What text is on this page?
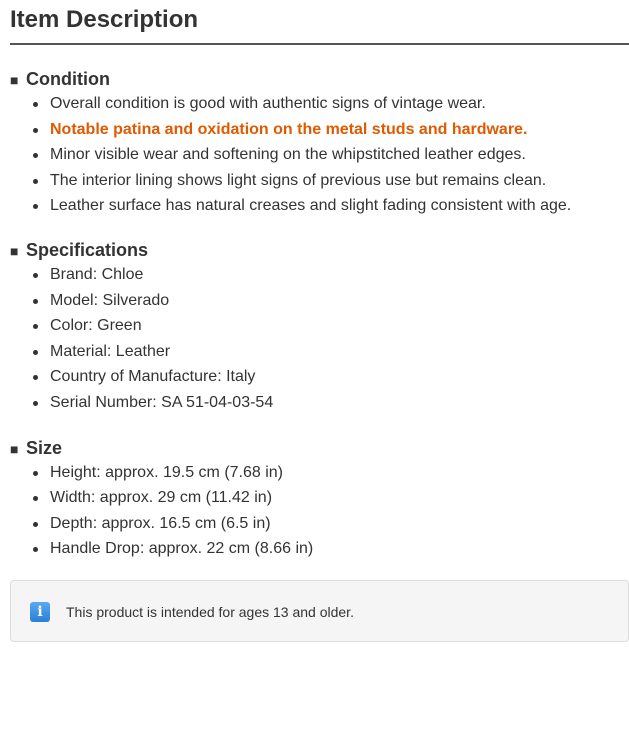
Item Description
■ Condition
Overall condition is good with authentic signs of vintage wear.
Notable patina and oxidation on the metal studs and hardware.
Minor visible wear and softening on the whipstitched leather edges.
The interior lining shows light signs of previous use but remains clean.
Leather surface has natural creases and slight fading consistent with age.
■ Specifications
Brand: Chloe
Model: Silverado
Color: Green
Material: Leather
Country of Manufacture: Italy
Serial Number: SA 51-04-03-54
■ Size
Height: approx. 19.5 cm (7.68 in)
Width: approx. 29 cm (11.42 in)
Depth: approx. 16.5 cm (6.5 in)
Handle Drop: approx. 22 cm (8.66 in)
i	This product is intended for ages 13 and older.
